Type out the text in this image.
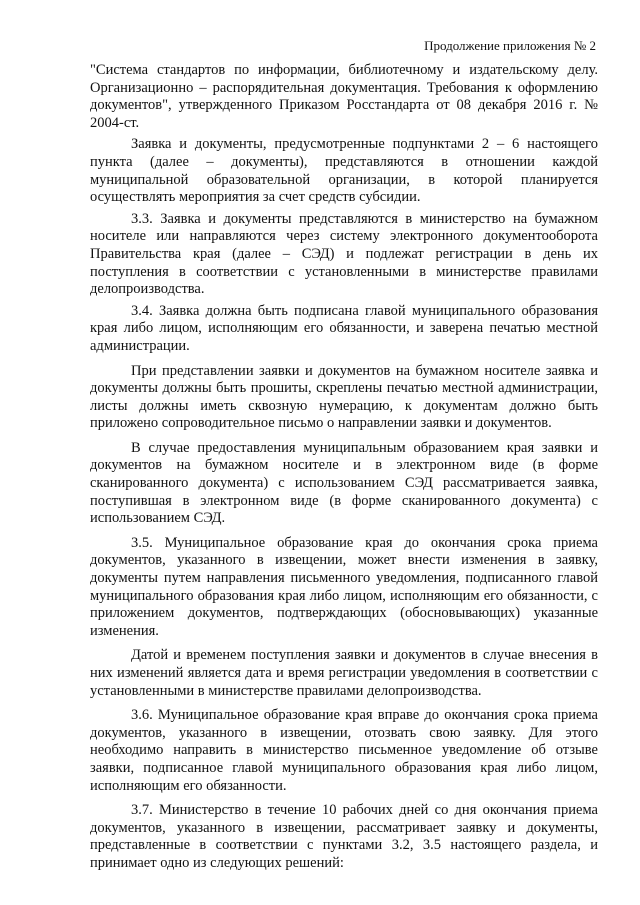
Продолжение приложения № 2

"Система стандартов по информации, библиотечному и издательскому делу. Организационно – распорядительная документация. Требования к оформлению документов", утвержденного Приказом Росстандарта от 08 декабря 2016 г. № 2004-ст.

Заявка и документы, предусмотренные подпунктами 2 – 6 настоящего пункта (далее – документы), представляются в отношении каждой муниципальной образовательной организации, в которой планируется осуществлять мероприятия за счет средств субсидии.

3.3. Заявка и документы представляются в министерство на бумажном носителе или направляются через систему электронного документооборота Правительства края (далее – СЭД) и подлежат регистрации в день их поступления в соответствии с установленными в министерстве правилами делопроизводства.

3.4. Заявка должна быть подписана главой муниципального образования края либо лицом, исполняющим его обязанности, и заверена печатью местной администрации.

При представлении заявки и документов на бумажном носителе заявка и документы должны быть прошиты, скреплены печатью местной администрации, листы должны иметь сквозную нумерацию, к документам должно быть приложено сопроводительное письмо о направлении заявки и документов.

В случае предоставления муниципальным образованием края заявки и документов на бумажном носителе и в электронном виде (в форме сканированного документа) с использованием СЭД рассматривается заявка, поступившая в электронном виде (в форме сканированного документа) с использованием СЭД.

3.5. Муниципальное образование края до окончания срока приема документов, указанного в извещении, может внести изменения в заявку, документы путем направления письменного уведомления, подписанного главой муниципального образования края либо лицом, исполняющим его обязанности, с приложением документов, подтверждающих (обосновывающих) указанные изменения.

Датой и временем поступления заявки и документов в случае внесения в них изменений является дата и время регистрации уведомления в соответствии с установленными в министерстве правилами делопроизводства.

3.6. Муниципальное образование края вправе до окончания срока приема документов, указанного в извещении, отозвать свою заявку. Для этого необходимо направить в министерство письменное уведомление об отзыве заявки, подписанное главой муниципального образования края либо лицом, исполняющим его обязанности.

3.7. Министерство в течение 10 рабочих дней со дня окончания приема документов, указанного в извещении, рассматривает заявку и документы, представленные в соответствии с пунктами 3.2, 3.5 настоящего раздела, и принимает одно из следующих решений:
